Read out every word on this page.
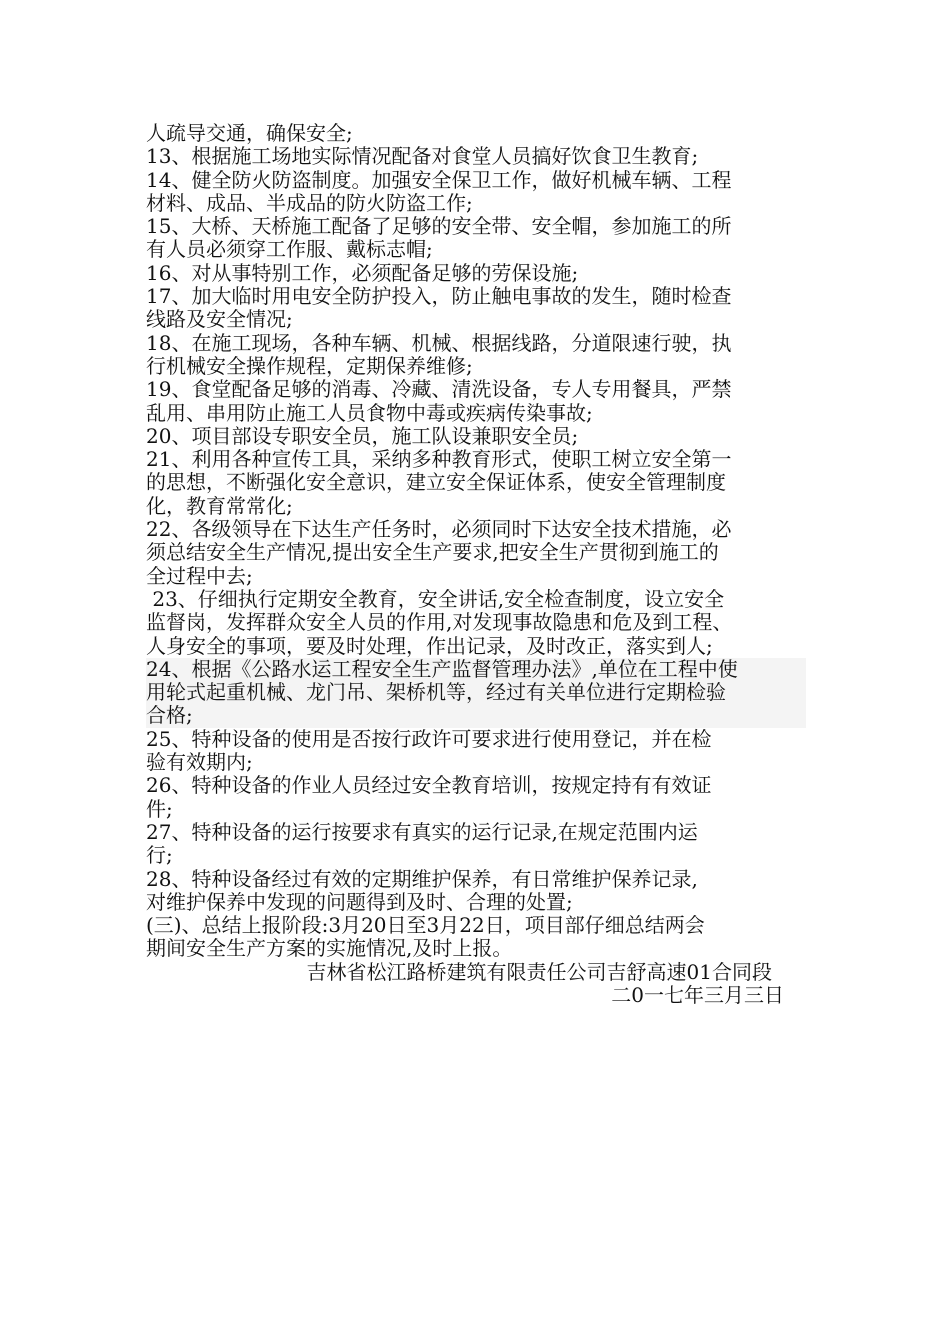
人疏导交通，确保安全;
13、根据施工场地实际情况配备对食堂人员搞好饮食卫生教育;
14、健全防火防盗制度。加强安全保卫工作，做好机械车辆、工程
材料、成品、半成品的防火防盗工作;
15、大桥、天桥施工配备了足够的安全带、安全帽，参加施工的所
有人员必须穿工作服、戴标志帽;
16、对从事特别工作，必须配备足够的劳保设施;
17、加大临时用电安全防护投入，防止触电事故的发生，随时检查
线路及安全情况;
18、在施工现场，各种车辆、机械、根据线路，分道限速行驶，执
行机械安全操作规程，定期保养维修;
19、食堂配备足够的消毒、冷藏、清洗设备，专人专用餐具，严禁
乱用、串用防止施工人员食物中毒或疾病传染事故;
20、项目部设专职安全员，施工队设兼职安全员;
21、利用各种宣传工具，采纳多种教育形式，使职工树立安全第一
的思想，不断强化安全意识，建立安全保证体系，使安全管理制度
化，教育常常化;
22、各级领导在下达生产任务时，必须同时下达安全技术措施，必
须总结安全生产情况,提出安全生产要求,把安全生产贯彻到施工的
全过程中去;
23、仔细执行定期安全教育，安全讲话,安全检查制度，设立安全
监督岗，发挥群众安全人员的作用,对发现事故隐患和危及到工程、
人身安全的事项，要及时处理，作出记录，及时改正，落实到人;
24、根据《公路水运工程安全生产监督管理办法》,单位在工程中使
用轮式起重机械、龙门吊、架桥机等，经过有关单位进行定期检验
合格;
25、特种设备的使用是否按行政许可要求进行使用登记，并在检
验有效期内;
26、特种设备的作业人员经过安全教育培训，按规定持有有效证
件;
27、特种设备的运行按要求有真实的运行记录,在规定范围内运
行;
28、特种设备经过有效的定期维护保养，有日常维护保养记录,
对维护保养中发现的问题得到及时、合理的处置;
(三)、总结上报阶段:3月20日至3月22日，项目部仔细总结两会
期间安全生产方案的实施情况,及时上报。
吉林省松江路桥建筑有限责任公司吉舒高速01合同段
二0一七年三月三日
